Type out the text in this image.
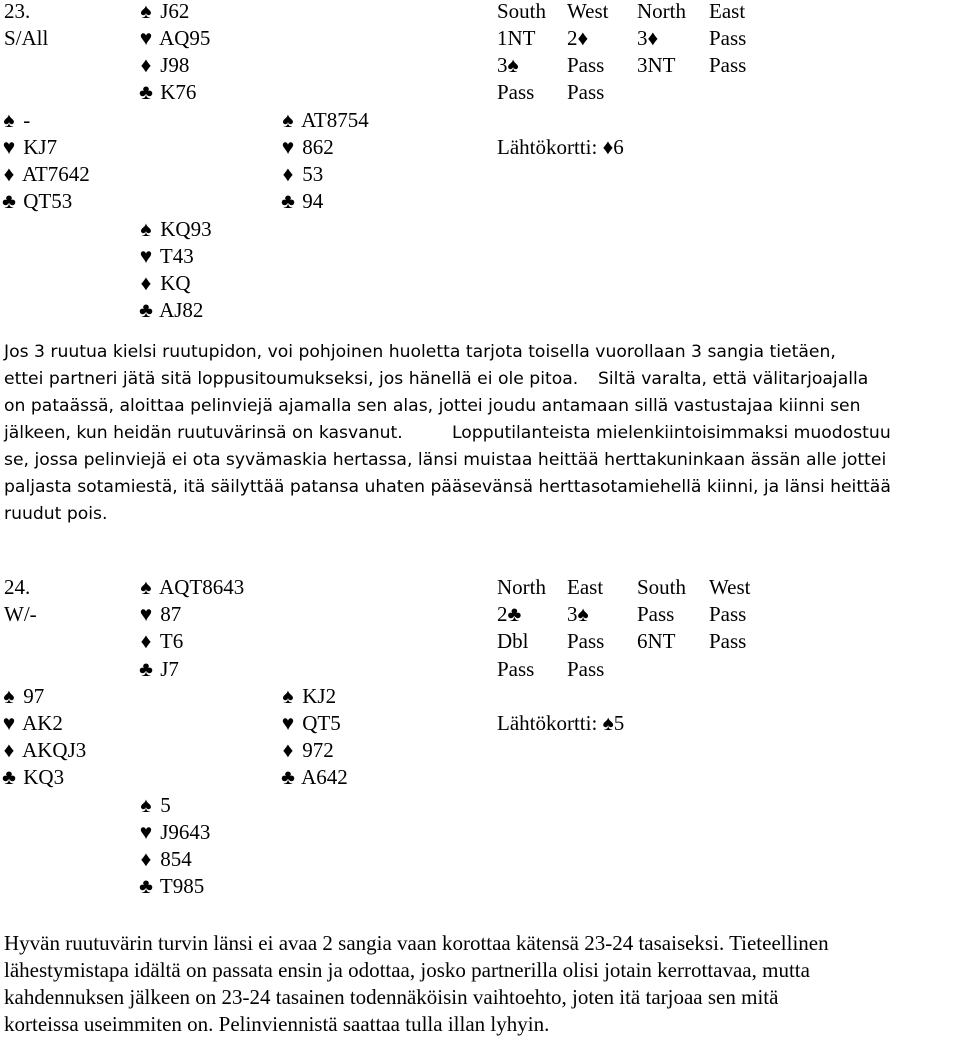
23.
S/All
♠ J62
♥ AQ95
♦ J98
♣ K76
♠ -
♥ KJ7
♦ AT7642
♣ QT53
♠ AT8754
♥ 862
♦ 53
♣ 94
♠ KQ93
♥ T43
♦ KQ
♣ AJ82
South West North East
1NT 2♦ 3♦ Pass
3♠ Pass 3NT Pass
Pass Pass
Lähtökortti: ♦6
Jos 3 ruutua kielsi ruutupidon, voi pohjoinen huoletta tarjota toisella vuorollaan 3 sangia tietäen,
ettei partneri jätä sitä loppusitoumukseksi, jos hänellä ei ole pitoa. Siltä varalta, että välitarjoajalla
on pataässä, aloittaa pelinviejä ajamalla sen alas, jottei joudu antamaan sillä vastustajaa kiinni sen
jälkeen, kun heidän ruutuvärinsä on kasvanut.	Lopputilanteista mielenkiintoisimmaksi muodostuu
se, jossa pelinviejä ei ota syvämaskia hertassa, länsi muistaa heittää herttakuninkaan ässän alle jottei
paljasta sotamiestä, itä säilyttää patansa uhaten pääsevänsä herttasotamiehellä kiinni, ja länsi heittää
ruudut pois.
24.
W/-
♠ AQT8643
♥ 87
♦ T6
♣ J7
♠ 97
♥ AK2
♦ AKQJ3
♣ KQ3
♠ KJ2
♥ QT5
♦ 972
♣ A642
♠ 5
♥ J9643
♦ 854
♣ T985
North East South West
2♣ 3♠ Pass Pass
Dbl Pass 6NT Pass
Pass Pass
Lähtökortti: ♠5
Hyvän ruutuvärin turvin länsi ei avaa 2 sangia vaan korottaa kätensä 23-24 tasaiseksi. Tieteellinen
lähestymistapa idältä on passata ensin ja odottaa, josko partnerilla olisi jotain kerrottavaa, mutta
kahdennuksen jälkeen on 23-24 tasainen todennäköisin vaihtoehto, joten itä tarjoaa sen mitä
korteissa useimmiten on. Pelinviennistä saattaa tulla illan lyhyin.
